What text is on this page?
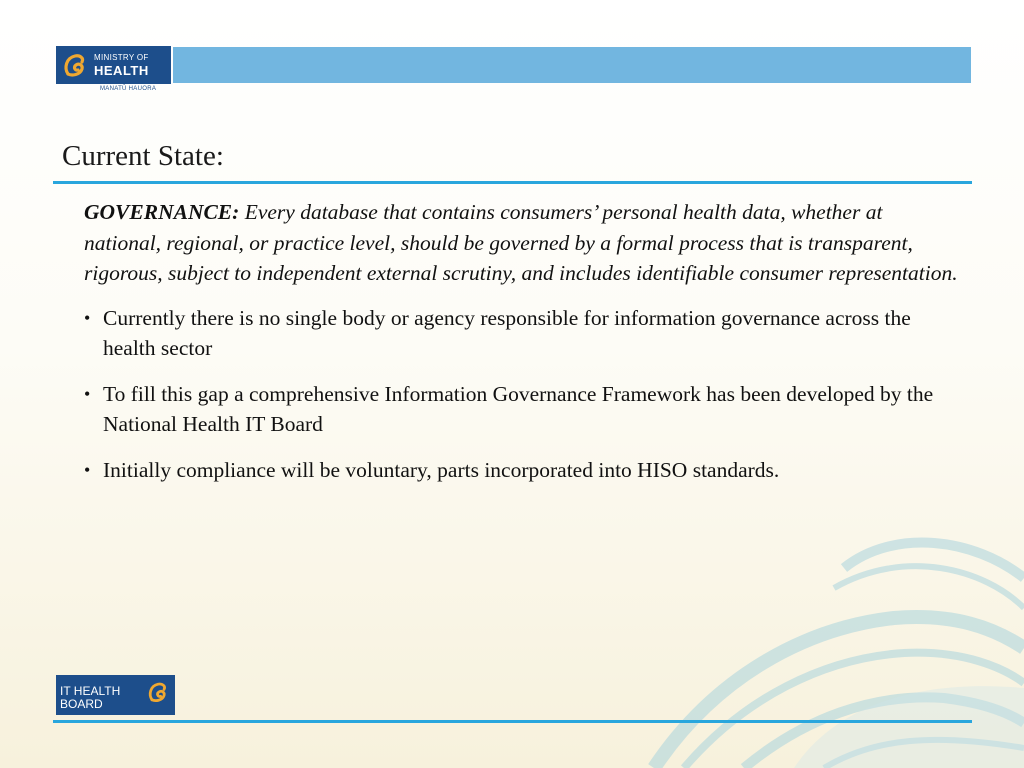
MINISTRY OF
HEALTH
MANATŪ HAUORA
Current State:

GOVERNANCE: Every database that contains consumers’ personal health data, whether at national, regional, or practice level, should be governed by a formal process that is transparent, rigorous, subject to independent external scrutiny, and includes identifiable consumer representation.

• Currently there is no single body or agency responsible for information governance across the health sector
• To fill this gap a comprehensive Information Governance Framework has been developed by the National Health IT Board
• Initially compliance will be voluntary, parts incorporated into HISO standards.
IT HEALTH
BOARD
